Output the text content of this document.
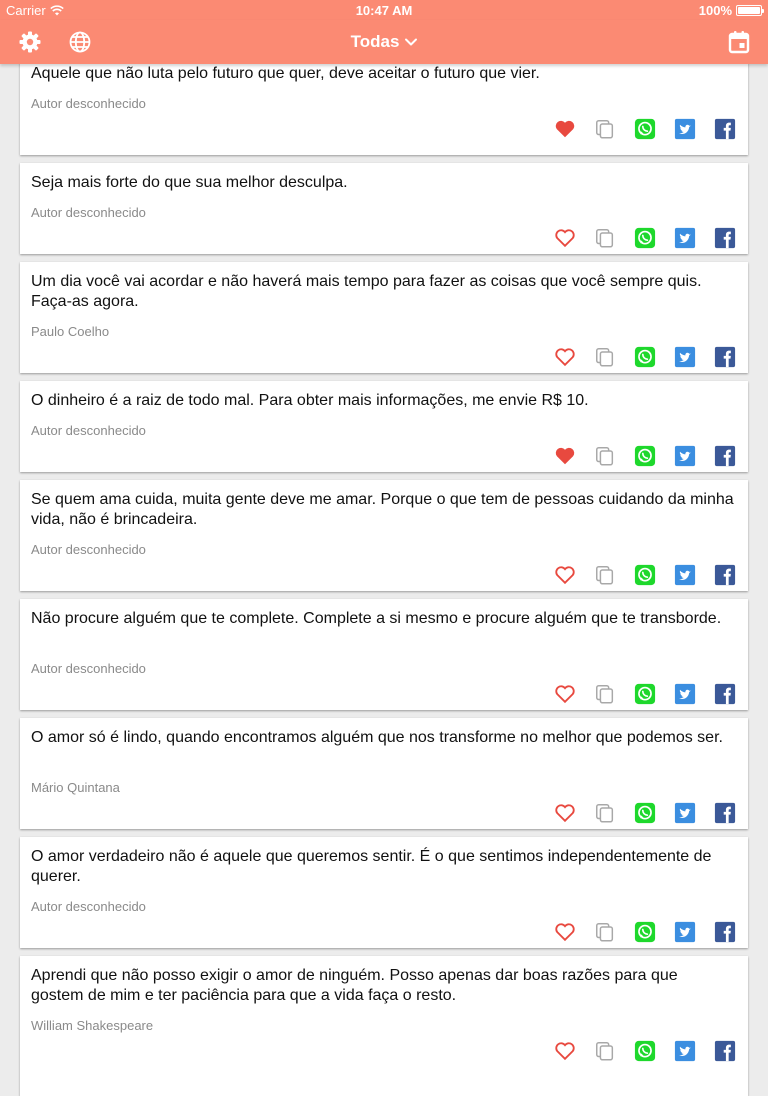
Carrier	10:47 AM	100%
Todas
Aquele que não luta pelo futuro que quer, deve aceitar o futuro que vier.
Autor desconhecido
Seja mais forte do que sua melhor desculpa.
Autor desconhecido
Um dia você vai acordar e não haverá mais tempo para fazer as coisas que você sempre quis. Faça-as agora.
Paulo Coelho
O dinheiro é a raiz de todo mal. Para obter mais informações, me envie R$ 10.
Autor desconhecido
Se quem ama cuida, muita gente deve me amar. Porque o que tem de pessoas cuidando da minha vida, não é brincadeira.
Autor desconhecido
Não procure alguém que te complete. Complete a si mesmo e procure alguém que te transborde.
Autor desconhecido
O amor só é lindo, quando encontramos alguém que nos transforme no melhor que podemos ser.
Mário Quintana
O amor verdadeiro não é aquele que queremos sentir. É o que sentimos independentemente de querer.
Autor desconhecido
Aprendi que não posso exigir o amor de ninguém. Posso apenas dar boas razões para que gostem de mim e ter paciência para que a vida faça o resto.
William Shakespeare
